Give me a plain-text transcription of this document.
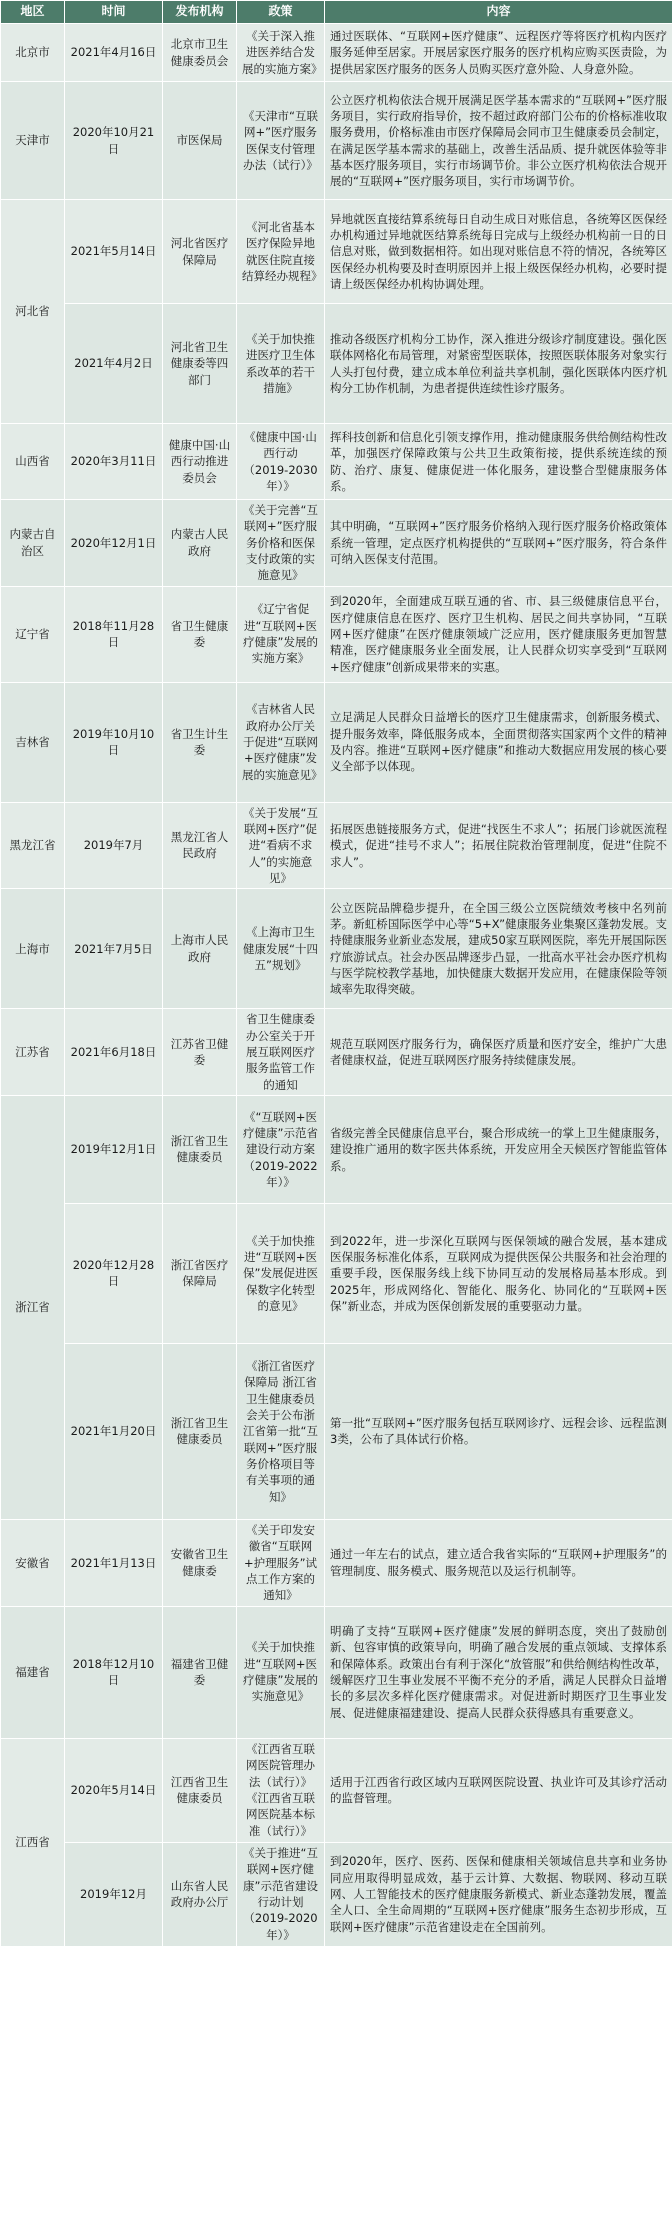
地区	时间	发布机构	政策	内容
北京市	2021年4月16日	北京市卫生健康委员会	《关于深入推进医养结合发展的实施方案》	通过医联体、“互联网+医疗健康”、远程医疗等将医疗机构内医疗服务延伸至居家。开展居家医疗服务的医疗机构应购买医责险，为提供居家医疗服务的医务人员购买医疗意外险、人身意外险。
天津市	2020年10月21日	市医保局	《天津市“互联网+”医疗服务医保支付管理办法（试行）》	公立医疗机构依法合规开展满足医学基本需求的“互联网+”医疗服务项目，实行政府指导价，按不超过政府部门公布的价格标准收取服务费用，价格标准由市医疗保障局会同市卫生健康委员会制定，在满足医学基本需求的基础上，改善生活品质、提升就医体验等非基本医疗服务项目，实行市场调节价。非公立医疗机构依法合规开展的“互联网+”医疗服务项目，实行市场调节价。
河北省	2021年5月14日	河北省医疗保障局	《河北省基本医疗保险异地就医住院直接结算经办规程》	异地就医直接结算系统每日自动生成日对账信息，各统筹区医保经办机构通过异地就医结算系统每日完成与上级经办机构前一日的日信息对账，做到数据相符。如出现对账信息不符的情况，各统筹区医保经办机构要及时查明原因并上报上级医保经办机构，必要时提请上级医保经办机构协调处理。
	2021年4月2日	河北省卫生健康委等四部门	《关于加快推进医疗卫生体系改革的若干措施》	推动各级医疗机构分工协作，深入推进分级诊疗制度建设。强化医联体网格化布局管理，对紧密型医联体，按照医联体服务对象实行人头打包付费，建立成本单位利益共享机制，强化医联体内医疗机构分工协作机制，为患者提供连续性诊疗服务。
山西省	2020年3月11日	健康中国·山西行动推进委员会	《健康中国·山西行动（2019-2030年）》	挥科技创新和信息化引领支撑作用，推动健康服务供给侧结构性改革，加强医疗保障政策与公共卫生政策衔接，提供系统连续的预防、治疗、康复、健康促进一体化服务，建设整合型健康服务体系。
内蒙古自治区	2020年12月1日	内蒙古人民政府	《关于完善“互联网+”医疗服务价格和医保支付政策的实施意见》	其中明确，“互联网+”医疗服务价格纳入现行医疗服务价格政策体系统一管理，定点医疗机构提供的“互联网+”医疗服务，符合条件可纳入医保支付范围。
辽宁省	2018年11月28日	省卫生健康委	《辽宁省促进“互联网+医疗健康”发展的实施方案》	到2020年，全面建成互联互通的省、市、县三级健康信息平台，医疗健康信息在医疗、医疗卫生机构、居民之间共享协同，“互联网+医疗健康”在医疗健康领域广泛应用，医疗健康服务更加智慧精准，医疗健康服务业全面发展，让人民群众切实享受到“互联网+医疗健康”创新成果带来的实惠。
吉林省	2019年10月10日	省卫生计生委	《吉林省人民政府办公厅关于促进“互联网+医疗健康”发展的实施意见》	立足满足人民群众日益增长的医疗卫生健康需求，创新服务模式、提升服务效率，降低服务成本，全面贯彻落实国家两个文件的精神及内容。推进“互联网+医疗健康”和推动大数据应用发展的核心要义全部予以体现。
黑龙江省	2019年7月	黑龙江省人民政府	《关于发展“互联网+医疗”促进“看病不求人”的实施意见》	拓展医患链接服务方式，促进“找医生不求人”；拓展门诊就医流程模式，促进“挂号不求人”；拓展住院救治管理制度，促进“住院不求人”。
上海市	2021年7月5日	上海市人民政府	《上海市卫生健康发展“十四五”规划》	公立医院品牌稳步提升，在全国三级公立医院绩效考核中名列前茅。新虹桥国际医学中心等“5+X”健康服务业集聚区蓬勃发展。支持健康服务业新业态发展，建成50家互联网医院，率先开展国际医疗旅游试点。社会办医品牌逐步凸显，一批高水平社会办医疗机构与医学院校教学基地，加快健康大数据开发应用，在健康保险等领域率先取得突破。
江苏省	2021年6月18日	江苏省卫健委	省卫生健康委办公室关于开展互联网医疗服务监管工作的通知	规范互联网医疗服务行为，确保医疗质量和医疗安全，维护广大患者健康权益，促进互联网医疗服务持续健康发展。
浙江省	2019年12月1日	浙江省卫生健康委员	《“互联网+医疗健康”示范省建设行动方案（2019-2022年）》	省级完善全民健康信息平台，聚合形成统一的掌上卫生健康服务，建设推广通用的数字医共体系统，开发应用全天候医疗智能监管体系。
	2020年12月28日	浙江省医疗保障局	《关于加快推进“互联网+医保”发展促进医保数字化转型的意见》	到2022年，进一步深化互联网与医保领域的融合发展，基本建成医保服务标准化体系，互联网成为提供医保公共服务和社会治理的重要手段，医保服务线上线下协同互动的发展格局基本形成。到2025年，形成网络化、智能化、服务化、协同化的“互联网+医保”新业态，并成为医保创新发展的重要驱动力量。
	2021年1月20日	浙江省卫生健康委员	《浙江省医疗保障局 浙江省卫生健康委员会关于公布浙江省第一批“互联网+”医疗服务价格项目等有关事项的通知》	第一批“互联网+”医疗服务包括互联网诊疗、远程会诊、远程监测3类，公布了具体试行价格。
安徽省	2021年1月13日	安徽省卫生健康委	《关于印发安徽省“互联网+护理服务”试点工作方案的通知》	通过一年左右的试点，建立适合我省实际的“互联网+护理服务”的管理制度、服务模式、服务规范以及运行机制等。
福建省	2018年12月10日	福建省卫健委	《关于加快推进“互联网+医疗健康”发展的实施意见》	明确了支持“互联网+医疗健康”发展的鲜明态度，突出了鼓励创新、包容审慎的政策导向，明确了融合发展的重点领域、支撑体系和保障体系。政策出台有利于深化“放管服”和供给侧结构性改革，缓解医疗卫生事业发展不平衡不充分的矛盾，满足人民群众日益增长的多层次多样化医疗健康需求。对促进新时期医疗卫生事业发展、促进健康福建建设、提高人民群众获得感具有重要意义。
江西省	2020年5月14日	江西省卫生健康委员	《江西省互联网医院管理办法（试行）》《江西省互联网医院基本标准（试行）》	适用于江西省行政区域内互联网医院设置、执业许可及其诊疗活动的监督管理。
	2019年12月	山东省人民政府办公厅	《关于推进“互联网+医疗健康”示范省建设行动计划（2019-2020年）》	到2020年，医疗、医药、医保和健康相关领域信息共享和业务协同应用取得明显成效，基于云计算、大数据、物联网、移动互联网、人工智能技术的医疗健康服务新模式、新业态蓬勃发展，覆盖全人口、全生命周期的“互联网+医疗健康”服务生态初步形成，互联网+医疗健康”示范省建设走在全国前列。
